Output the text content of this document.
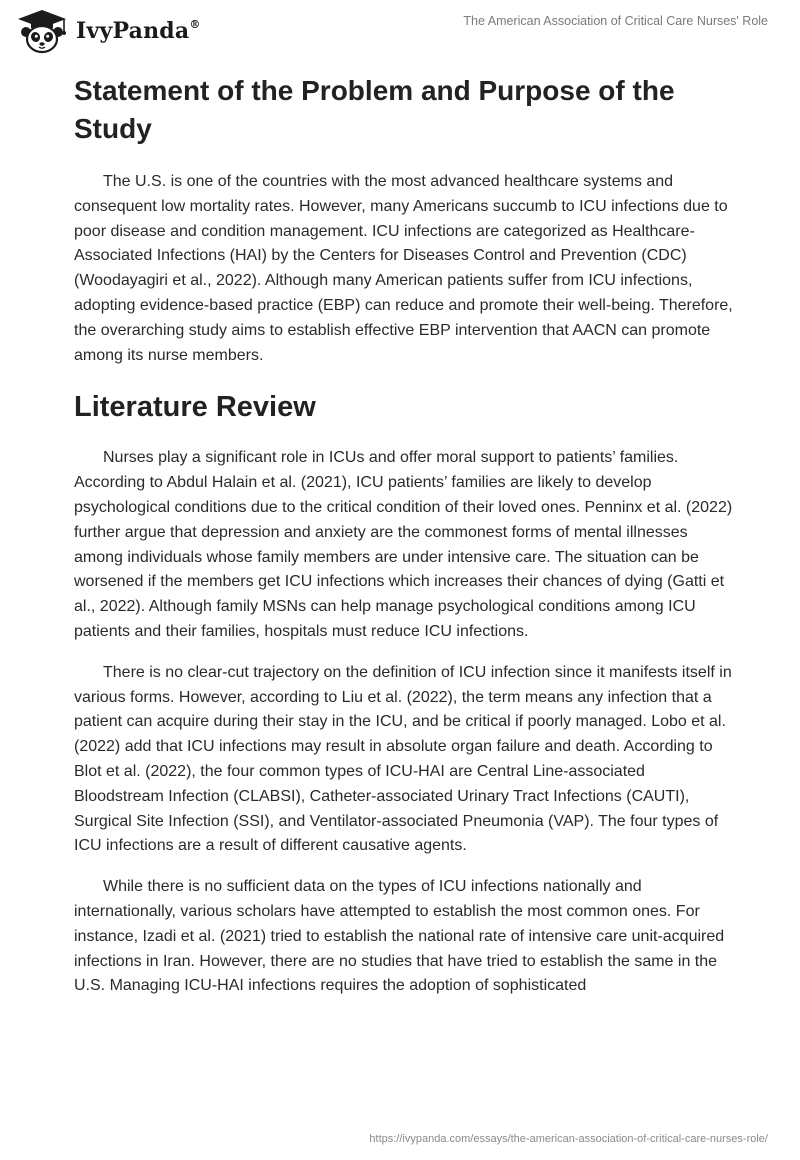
IvyPanda®	The American Association of Critical Care Nurses' Role
Statement of the Problem and Purpose of the Study

The U.S. is one of the countries with the most advanced healthcare systems and consequent low mortality rates. However, many Americans succumb to ICU infections due to poor disease and condition management. ICU infections are categorized as Healthcare-Associated Infections (HAI) by the Centers for Diseases Control and Prevention (CDC) (Woodayagiri et al., 2022). Although many American patients suffer from ICU infections, adopting evidence-based practice (EBP) can reduce and promote their well-being. Therefore, the overarching study aims to establish effective EBP intervention that AACN can promote among its nurse members.

Literature Review

Nurses play a significant role in ICUs and offer moral support to patients’ families. According to Abdul Halain et al. (2021), ICU patients’ families are likely to develop psychological conditions due to the critical condition of their loved ones. Penninx et al. (2022) further argue that depression and anxiety are the commonest forms of mental illnesses among individuals whose family members are under intensive care. The situation can be worsened if the members get ICU infections which increases their chances of dying (Gatti et al., 2022). Although family MSNs can help manage psychological conditions among ICU patients and their families, hospitals must reduce ICU infections.

There is no clear-cut trajectory on the definition of ICU infection since it manifests itself in various forms. However, according to Liu et al. (2022), the term means any infection that a patient can acquire during their stay in the ICU, and be critical if poorly managed. Lobo et al. (2022) add that ICU infections may result in absolute organ failure and death. According to Blot et al. (2022), the four common types of ICU-HAI are Central Line-associated Bloodstream Infection (CLABSI), Catheter-associated Urinary Tract Infections (CAUTI), Surgical Site Infection (SSI), and Ventilator-associated Pneumonia (VAP). The four types of ICU infections are a result of different causative agents.

While there is no sufficient data on the types of ICU infections nationally and internationally, various scholars have attempted to establish the most common ones. For instance, Izadi et al. (2021) tried to establish the national rate of intensive care unit-acquired infections in Iran. However, there are no studies that have tried to establish the same in the U.S. Managing ICU-HAI infections requires the adoption of sophisticated

https://ivypanda.com/essays/the-american-association-of-critical-care-nurses-role/
